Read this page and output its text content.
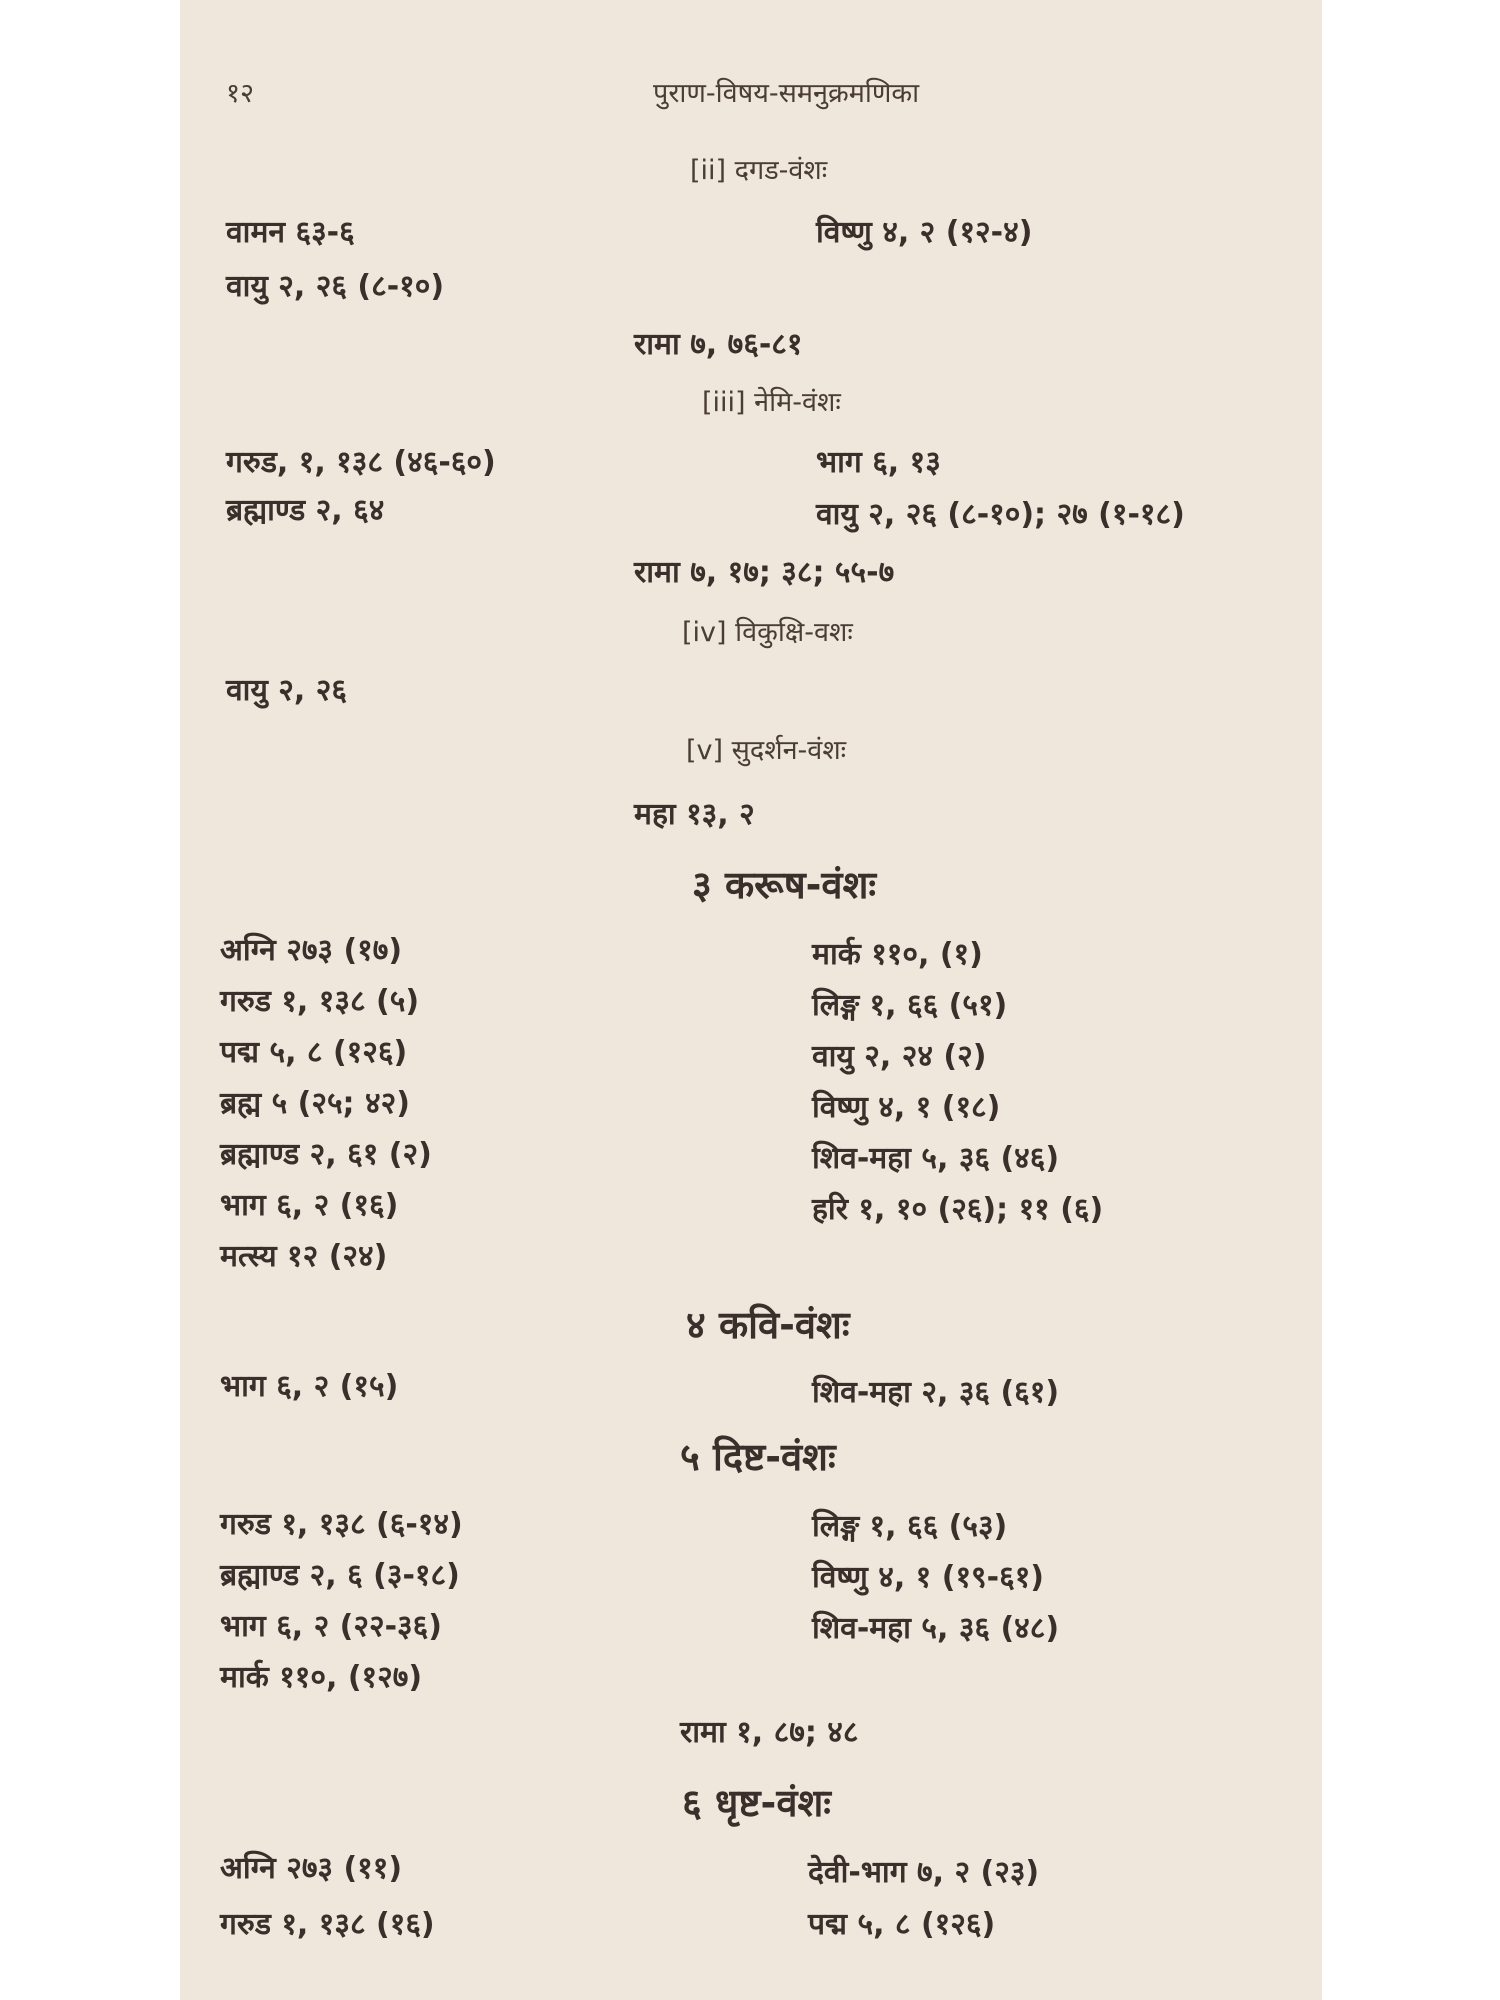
१२	पुराण-विषय-समनुक्रमणिका
[ii] दगड-वंशः
वामन ६३-६
वायु २, २६ (८-१०)
विष्णु ४, २ (१२-४)
रामा ७, ७६-८१
[iii] नेमि-वंशः
गरुड, १, १३८ (४६-६०)
ब्रह्माण्ड २, ६४
भाग ६, १३
वायु २, २६ (८-१०); २७ (१-१८)
रामा ७, १७; ३८; ५५-७
[iv] विकुक्षि-वशः
वायु २, २६
[v] सुदर्शन-वंशः
महा १३, २
३ करूष-वंशः
अग्नि २७३ (१७)
गरुड १, १३८ (५)
पद्म ५, ८ (१२६)
ब्रह्म ५ (२५; ४२)
ब्रह्माण्ड २, ६१ (२)
भाग ६, २ (१६)
मत्स्य १२ (२४)
मार्क ११०, (१)
लिङ्ग १, ६६ (५१)
वायु २, २४ (२)
विष्णु ४, १ (१८)
शिव-महा ५, ३६ (४६)
हरि १, १० (२६); ११ (६)
४ कवि-वंशः
भाग ६, २ (१५)	शिव-महा २, ३६ (६१)
५ दिष्ट-वंशः
गरुड १, १३८ (६-१४)
ब्रह्माण्ड २, ६ (३-१८)
भाग ६, २ (२२-३६)
मार्क ११०, (१२७)
लिङ्ग १, ६६ (५३)
विष्णु ४, १ (१९-६१)
शिव-महा ५, ३६ (४८)
रामा १, ८७; ४८
६ धृष्ट-वंशः
अग्नि २७३ (११)
गरुड १, १३८ (१६)
देवी-भाग ७, २ (२३)
पद्म ५, ८ (१२६)
